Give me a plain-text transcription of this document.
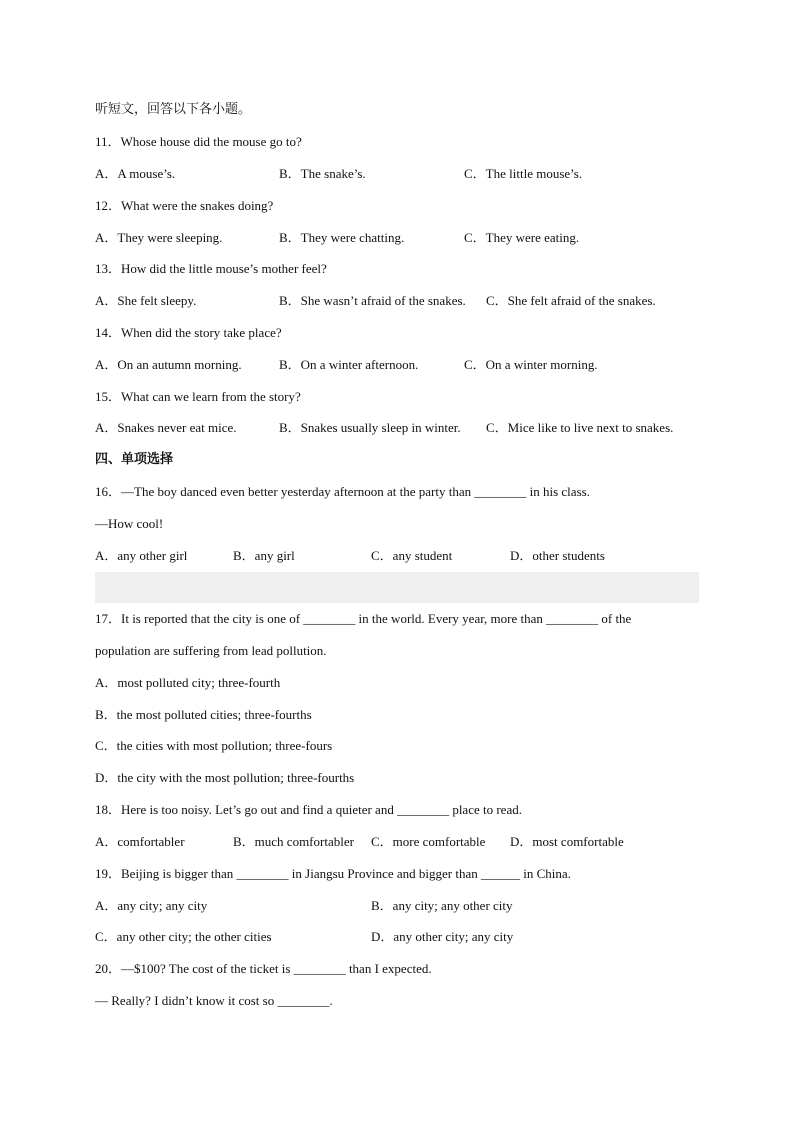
听短文，回答以下各小题。
11．Whose house did the mouse go to?
A．A mouse’s.	B．The snake’s.	C．The little mouse’s.
12．What were the snakes doing?
A．They were sleeping.	B．They were chatting.	C．They were eating.
13．How did the little mouse’s mother feel?
A．She felt sleepy.	B．She wasn’t afraid of the snakes. C．She felt afraid of the snakes.
14．When did the story take place?
A．On an autumn morning.	B．On a winter afternoon.	C．On a winter morning.
15．What can we learn from the story?
A．Snakes never eat mice.	B．Snakes usually sleep in winter. C．Mice like to live next to snakes.
四、单项选择
16．—The boy danced even better yesterday afternoon at the party than ________ in his class.
—How cool!
A．any other girl	B．any girl	C．any student	D．other students
17．It is reported that the city is one of ________ in the world. Every year, more than ________ of the
population are suffering from lead pollution.
A．most polluted city; three-fourth
B．the most polluted cities; three-fourths
C．the cities with most pollution; three-fours
D．the city with the most pollution; three-fourths
18．Here is too noisy. Let’s go out and find a quieter and ________ place to read.
A．comfortabler	B．much comfortabler C．more comfortable D．most comfortable
19．Beijing is bigger than ________ in Jiangsu Province and bigger than ______ in China.
A．any city; any city	B．any city; any other city
C．any other city; the other cities	D．any other city; any city
20．—$100? The cost of the ticket is ________ than I expected.
— Really? I didn’t know it cost so ________.
